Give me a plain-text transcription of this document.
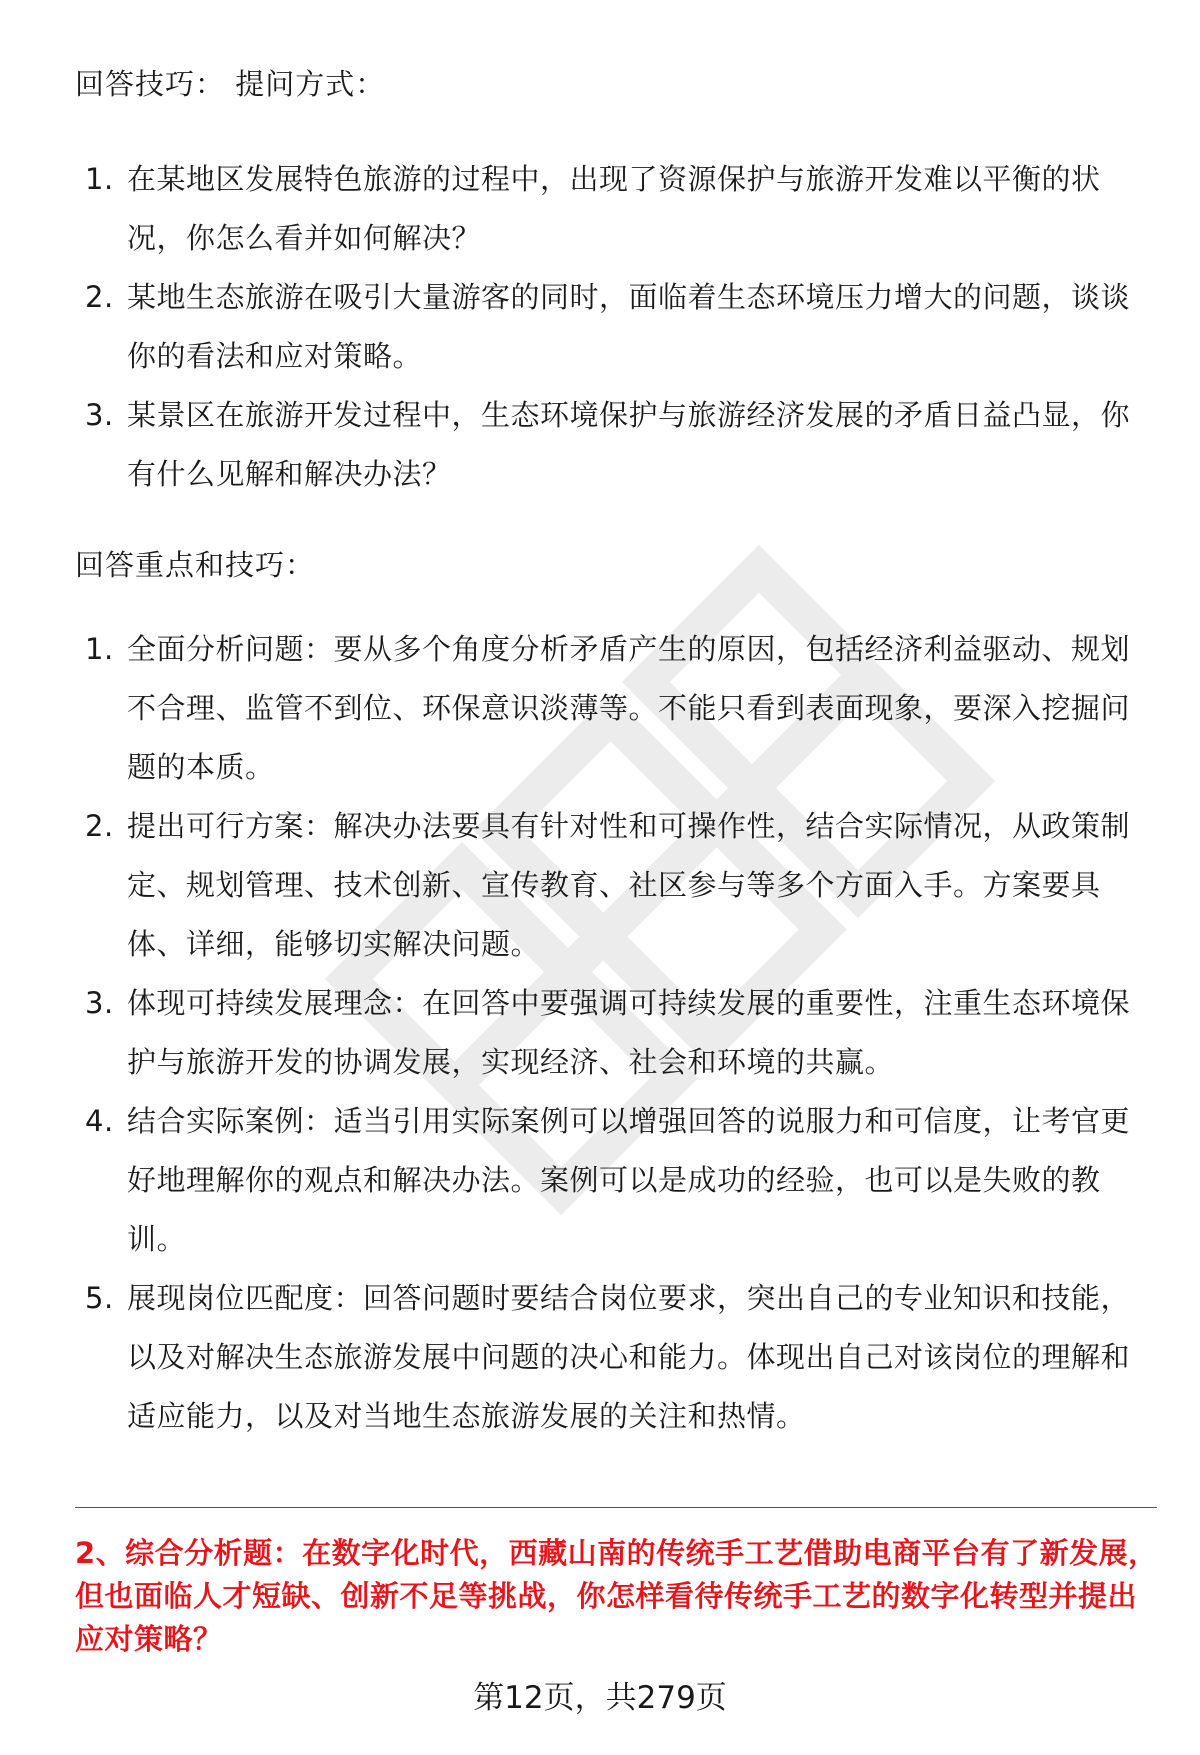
回答技巧： 提问方式：
1. 在某地区发展特色旅游的过程中，出现了资源保护与旅游开发难以平衡的状况，你怎么看并如何解决？
2. 某地生态旅游在吸引大量游客的同时，面临着生态环境压力增大的问题，谈谈你的看法和应对策略。
3. 某景区在旅游开发过程中，生态环境保护与旅游经济发展的矛盾日益凸显，你有什么见解和解决办法？
回答重点和技巧：
1. 全面分析问题：要从多个角度分析矛盾产生的原因，包括经济利益驱动、规划不合理、监管不到位、环保意识淡薄等。不能只看到表面现象，要深入挖掘问题的本质。
2. 提出可行方案：解决办法要具有针对性和可操作性，结合实际情况，从政策制定、规划管理、技术创新、宣传教育、社区参与等多个方面入手。方案要具体、详细，能够切实解决问题。
3. 体现可持续发展理念：在回答中要强调可持续发展的重要性，注重生态环境保护与旅游开发的协调发展，实现经济、社会和环境的共赢。
4. 结合实际案例：适当引用实际案例可以增强回答的说服力和可信度，让考官更好地理解你的观点和解决办法。案例可以是成功的经验，也可以是失败的教训。
5. 展现岗位匹配度：回答问题时要结合岗位要求，突出自己的专业知识和技能，以及对解决生态旅游发展中问题的决心和能力。体现出自己对该岗位的理解和适应能力，以及对当地生态旅游发展的关注和热情。
2、综合分析题：在数字化时代，西藏山南的传统手工艺借助电商平台有了新发展，但也面临人才短缺、创新不足等挑战，你怎样看待传统手工艺的数字化转型并提出应对策略？
第12页，共279页
